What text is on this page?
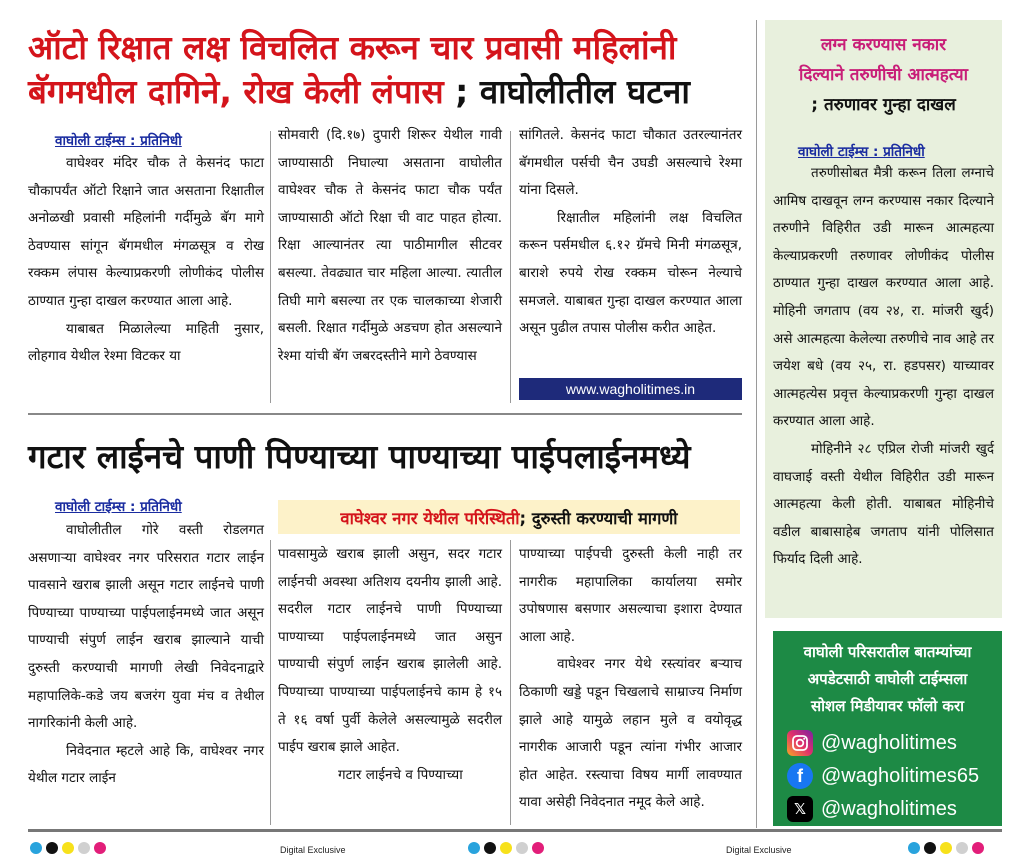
ऑटो रिक्षात लक्ष विचलित करून चार प्रवासी महिलांनी
बॅगमधील दागिने, रोख केली लंपास ; वाघोलीतील घटना
वाघोली टाईम्स : प्रतिनिधी

वाघेश्वर मंदिर चौक ते केसनंद फाटा चौकापर्यंत ऑटो रिक्षाने जात असताना रिक्षातील अनोळखी प्रवासी महिलांनी गर्दीमुळे बॅग मागे ठेवण्यास सांगून बॅगमधील मंगळसूत्र व रोख रक्कम लंपास केल्याप्रकरणी लोणीकंद पोलीस ठाण्यात गुन्हा दाखल करण्यात आला आहे.

याबाबत मिळालेल्या माहिती नुसार, लोहगाव येथील रेश्मा विटकर या

सोमवारी (दि.१७) दुपारी शिरूर येथील गावी जाण्यासाठी निघाल्या असताना वाघोलीत वाघेश्वर चौक ते केसनंद फाटा चौक पर्यंत जाण्यासाठी ऑटो रिक्षा ची वाट पाहत होत्या. रिक्षा आल्यानंतर त्या पाठीमागील सीटवर बसल्या. तेवढ्यात चार महिला आल्या. त्यातील तिघी मागे बसल्या तर एक चालकाच्या शेजारी बसली. रिक्षात गर्दीमुळे अडचण होत असल्याने रेश्मा यांची बॅग जबरदस्तीने मागे ठेवण्यास

सांगितले. केसनंद फाटा चौकात उतरल्यानंतर बॅगमधील पर्सची चैन उघडी असल्याचे रेश्मा यांना दिसले.

रिक्षातील महिलांनी लक्ष विचलित करून पर्समधील ६.१२ ग्रॅमचे मिनी मंगळसूत्र, बाराशे रुपये रोख रक्कम चोरून नेल्याचे समजले. याबाबत गुन्हा दाखल करण्यात आला असून पुढील तपास पोलीस करीत आहेत.

www.wagholitimes.in
गटार लाईनचे पाणी पिण्याच्या पाण्याच्या पाईपलाईनमध्ये
वाघोली टाईम्स : प्रतिनिधी
वाघेश्वर नगर येथील परिस्थिती ; दुरुस्ती करण्याची मागणी

वाघोलीतील गोरे वस्ती रोडलगत असणाऱ्या वाघेश्वर नगर परिसरात गटार लाईन पावसाने खराब झाली असून गटार लाईनचे पाणी पिण्याच्या पाण्याच्या पाईपलाईनमध्ये जात असून पाण्याची संपुर्ण लाईन खराब झाल्याने याची दुरुस्ती करण्याची मागणी लेखी निवेदनाद्वारे महापालिके-कडे जय बजरंग युवा मंच व तेथील नागरिकांनी केली आहे.

निवेदनात म्हटले आहे कि, वाघेश्वर नगर येथील गटार लाईन

पावसामुळे खराब झाली असुन, सदर गटार लाईनची अवस्था अतिशय दयनीय झाली आहे. सदरील गटार लाईनचे पाणी पिण्याच्या पाण्याच्या पाईपलाईनमध्ये जात असुन पाण्याची संपुर्ण लाईन खराब झालेली आहे. पिण्याच्या पाण्याच्या पाईपलाईनचे काम हे १५ ते १६ वर्षा पुर्वी केलेले असल्यामुळे सदरील पाईप खराब झाले आहेत.

गटार लाईनचे व पिण्याच्या

पाण्याच्या पाईपची दुरुस्ती केली नाही तर नागरीक महापालिका कार्यालया समोर उपोषणास बसणार असल्याचा इशारा देण्यात आला आहे.

वाघेश्वर नगर येथे रस्त्यांवर बऱ्याच ठिकाणी खड्डे पडून चिखलाचे साम्राज्य निर्माण झाले आहे यामुळे लहान मुले व वयोवृद्ध नागरीक आजारी पडून त्यांना गंभीर आजार होत आहेत. रस्त्याचा विषय मार्गी लावण्यात यावा असेही निवेदनात नमूद केले आहे.

लग्न करण्यास नकार
दिल्याने तरुणीची आत्महत्या
; तरुणावर गुन्हा दाखल
वाघोली टाईम्स : प्रतिनिधी

तरुणीसोबत मैत्री करून तिला लग्नाचे आमिष दाखवून लग्न करण्यास नकार दिल्याने तरुणीने विहिरीत उडी मारून आत्महत्या केल्याप्रकरणी तरुणावर लोणीकंद पोलीस ठाण्यात गुन्हा दाखल करण्यात आला आहे. मोहिनी जगताप (वय २४, रा. मांजरी खुर्द) असे आत्महत्या केलेल्या तरुणीचे नाव आहे तर जयेश बधे (वय २५, रा. हडपसर) याच्यावर आत्महत्येस प्रवृत्त केल्याप्रकरणी गुन्हा दाखल करण्यात आला आहे.

मोहिनीने २८ एप्रिल रोजी मांजरी खुर्द वाघजाई वस्ती येथील विहिरीत उडी मारून आत्महत्या केली होती. याबाबत मोहिनीचे वडील बाबासाहेब जगताप यांनी पोलिसात फिर्याद दिली आहे.

वाघोली परिसरातील बातम्यांच्या
अपडेटसाठी वाघोली टाईम्सला
सोशल मिडीयावर फॉलो करा
@wagholitimes
f @wagholitimes65
𝕏 @wagholitimes
Digital Exclusive	Digital Exclusive
